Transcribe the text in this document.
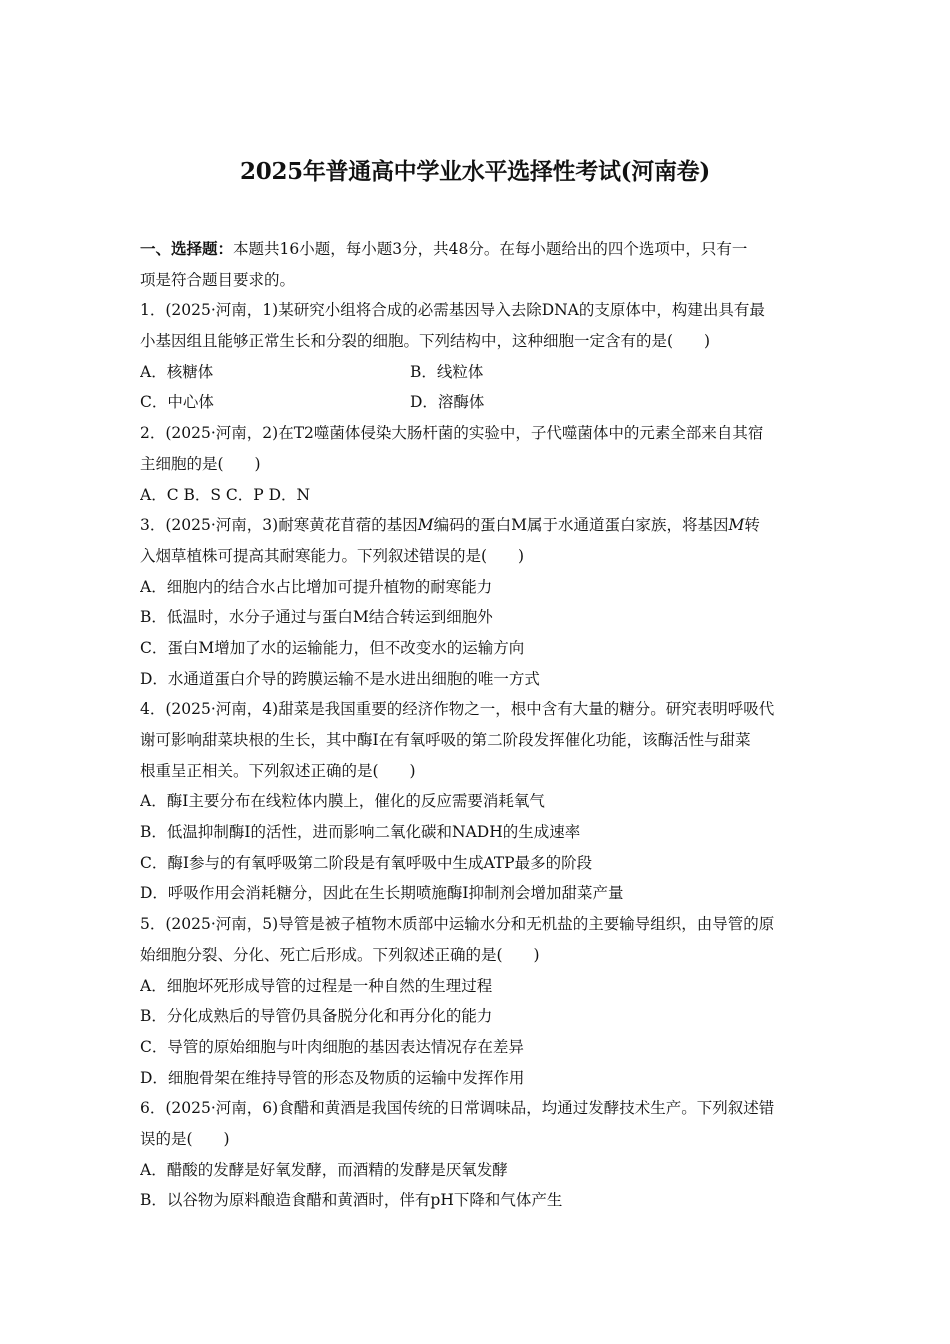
2025年普通高中学业水平选择性考试(河南卷)
一、选择题：本题共16小题，每小题3分，共48分。在每小题给出的四个选项中，只有一
项是符合题目要求的。
1．(2025·河南，1)某研究小组将合成的必需基因导入去除DNA的支原体中，构建出具有最
小基因组且能够正常生长和分裂的细胞。下列结构中，这种细胞一定含有的是(　　)
A．核糖体	B．线粒体
C．中心体	D．溶酶体
2．(2025·河南，2)在T2噬菌体侵染大肠杆菌的实验中，子代噬菌体中的元素全部来自其宿
主细胞的是(　　)
A．C B．S C．P D．N
3．(2025·河南，3)耐寒黄花苜蓿的基因M编码的蛋白M属于水通道蛋白家族，将基因M转
入烟草植株可提高其耐寒能力。下列叙述错误的是(　　)
A．细胞内的结合水占比增加可提升植物的耐寒能力
B．低温时，水分子通过与蛋白M结合转运到细胞外
C．蛋白M增加了水的运输能力，但不改变水的运输方向
D．水通道蛋白介导的跨膜运输不是水进出细胞的唯一方式
4．(2025·河南，4)甜菜是我国重要的经济作物之一，根中含有大量的糖分。研究表明呼吸代
谢可影响甜菜块根的生长，其中酶Ⅰ在有氧呼吸的第二阶段发挥催化功能，该酶活性与甜菜
根重呈正相关。下列叙述正确的是(　　)
A．酶Ⅰ主要分布在线粒体内膜上，催化的反应需要消耗氧气
B．低温抑制酶Ⅰ的活性，进而影响二氧化碳和NADH的生成速率
C．酶Ⅰ参与的有氧呼吸第二阶段是有氧呼吸中生成ATP最多的阶段
D．呼吸作用会消耗糖分，因此在生长期喷施酶Ⅰ抑制剂会增加甜菜产量
5．(2025·河南，5)导管是被子植物木质部中运输水分和无机盐的主要输导组织，由导管的原
始细胞分裂、分化、死亡后形成。下列叙述正确的是(　　)
A．细胞坏死形成导管的过程是一种自然的生理过程
B．分化成熟后的导管仍具备脱分化和再分化的能力
C．导管的原始细胞与叶肉细胞的基因表达情况存在差异
D．细胞骨架在维持导管的形态及物质的运输中发挥作用
6．(2025·河南，6)食醋和黄酒是我国传统的日常调味品，均通过发酵技术生产。下列叙述错
误的是(　　)
A．醋酸的发酵是好氧发酵，而酒精的发酵是厌氧发酵
B．以谷物为原料酿造食醋和黄酒时，伴有pH下降和气体产生
